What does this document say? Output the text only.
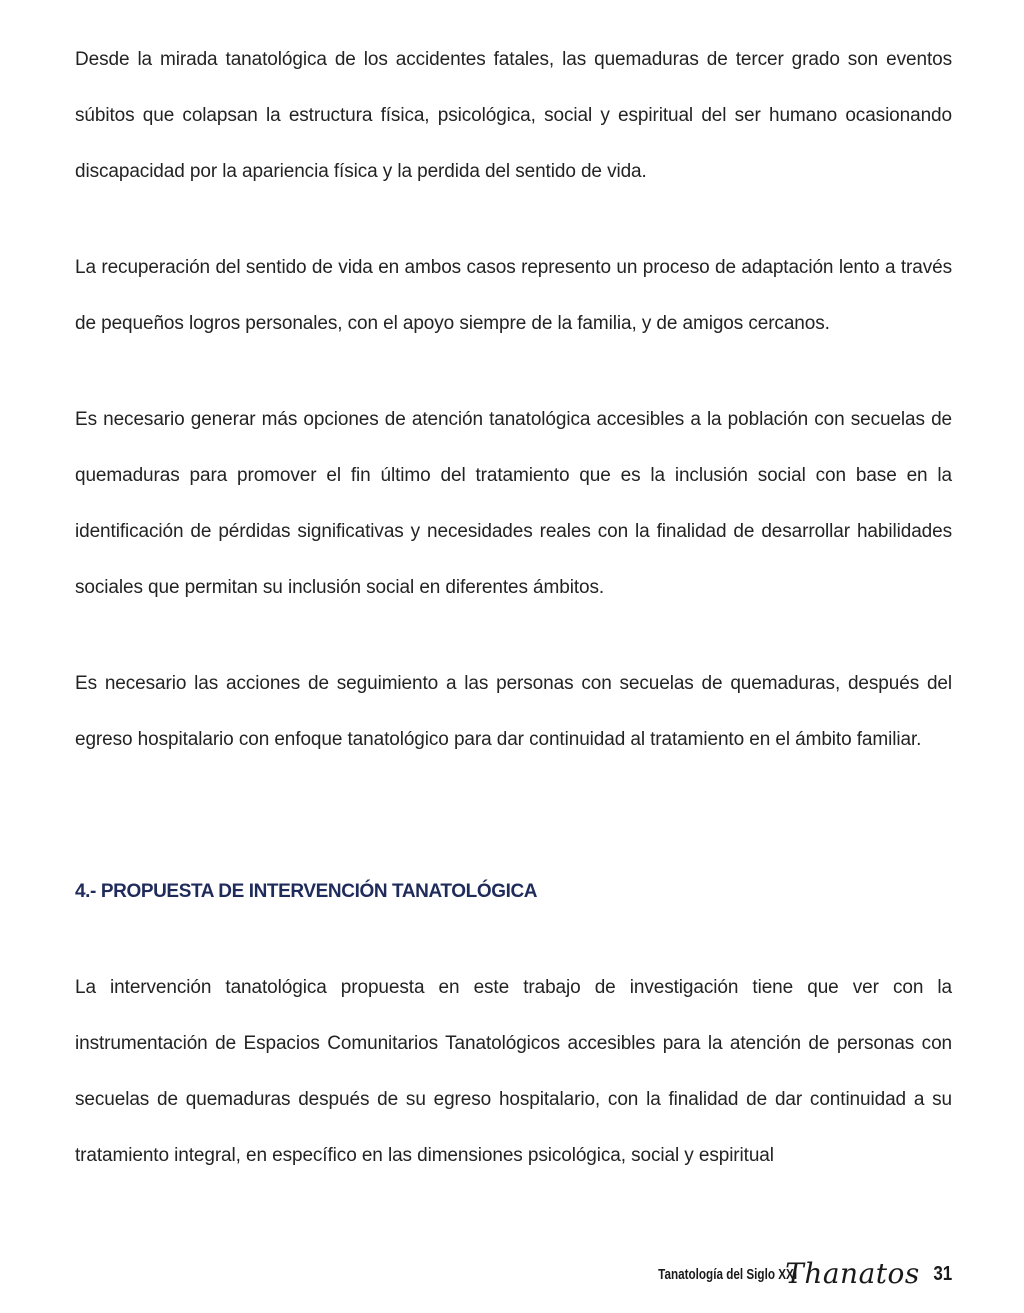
Desde la mirada tanatológica de los accidentes fatales, las quemaduras de tercer grado son eventos súbitos que colapsan la estructura física, psicológica, social y espiritual del ser humano ocasionando discapacidad por la apariencia física y la perdida del sentido de vida.

La recuperación del sentido de vida en ambos casos represento un proceso de adaptación lento a través de pequeños logros personales, con el apoyo siempre de la familia, y de amigos cercanos.

Es necesario generar más opciones de atención tanatológica accesibles a la población con secuelas de quemaduras para promover el fin último del tratamiento que es la inclusión social con base en la identificación de pérdidas significativas y necesidades reales con la finalidad de desarrollar habilidades sociales que permitan su inclusión social en diferentes ámbitos.

Es necesario las acciones de seguimiento a las personas con secuelas de quemaduras, después del egreso hospitalario con enfoque tanatológico para dar continuidad al tratamiento en el ámbito familiar.

4.- PROPUESTA DE INTERVENCIÓN TANATOLÓGICA

La intervención tanatológica propuesta en este trabajo de investigación tiene que ver con la instrumentación de Espacios Comunitarios Tanatológicos accesibles para la atención de personas con secuelas de quemaduras después de su egreso hospitalario, con la finalidad de dar continuidad a su tratamiento integral, en específico en las dimensiones psicológica, social y espiritual

Tanatología del Siglo XXI
Thanatos 31
